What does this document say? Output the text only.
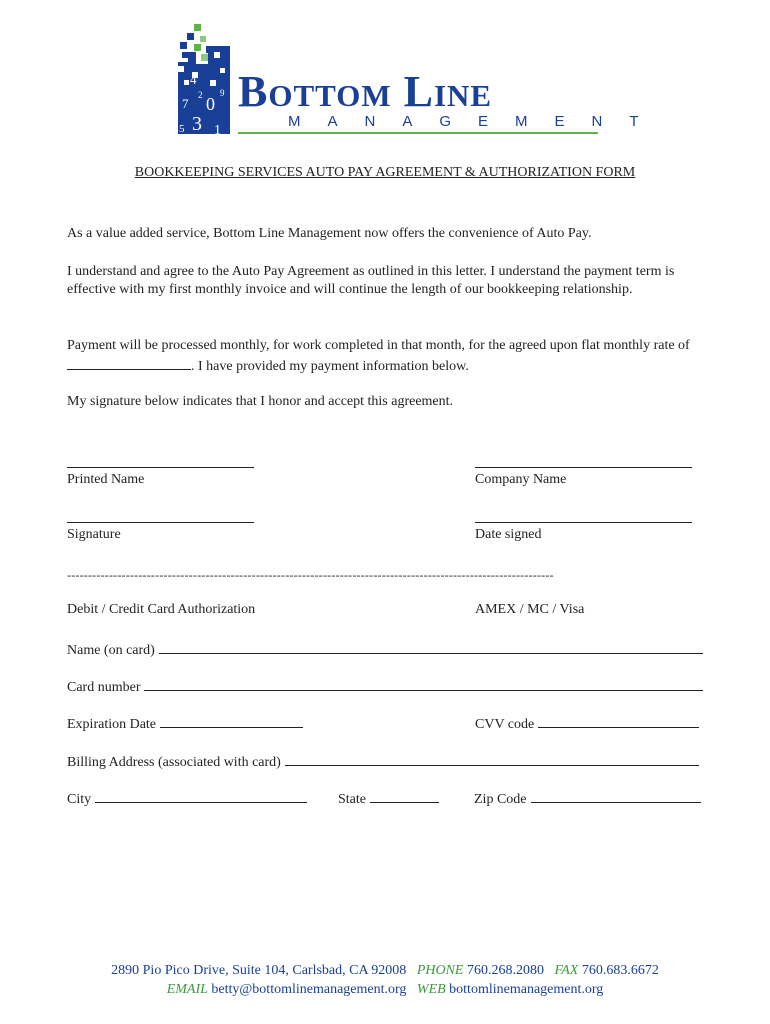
4
2 9
7 0
5 3 1
Bottom Line
MANAGEMENT
BOOKKEEPING SERVICES AUTO PAY AGREEMENT & AUTHORIZATION FORM
As a value added service, Bottom Line Management now offers the convenience of Auto Pay.
I understand and agree to the Auto Pay Agreement as outlined in this letter. I understand the payment term is effective with my first monthly invoice and will continue the length of our bookkeeping relationship.
Payment will be processed monthly, for work completed in that month, for the agreed upon flat monthly rate of . I have provided my payment information below.
My signature below indicates that I honor and accept this agreement.
Printed Name	Company Name
Signature	Date signed
--------------------------------------------------------------------------------------------------------------------
Debit / Credit Card Authorization	AMEX / MC / Visa
Name (on card)
Card number
Expiration Date	CVV code
Billing Address (associated with card)
City	State	Zip Code
2890 Pio Pico Drive, Suite 104, Carlsbad, CA 92008 PHONE 760.268.2080 FAX 760.683.6672
EMAIL betty@bottomlinemanagement.org WEB bottomlinemanagement.org
